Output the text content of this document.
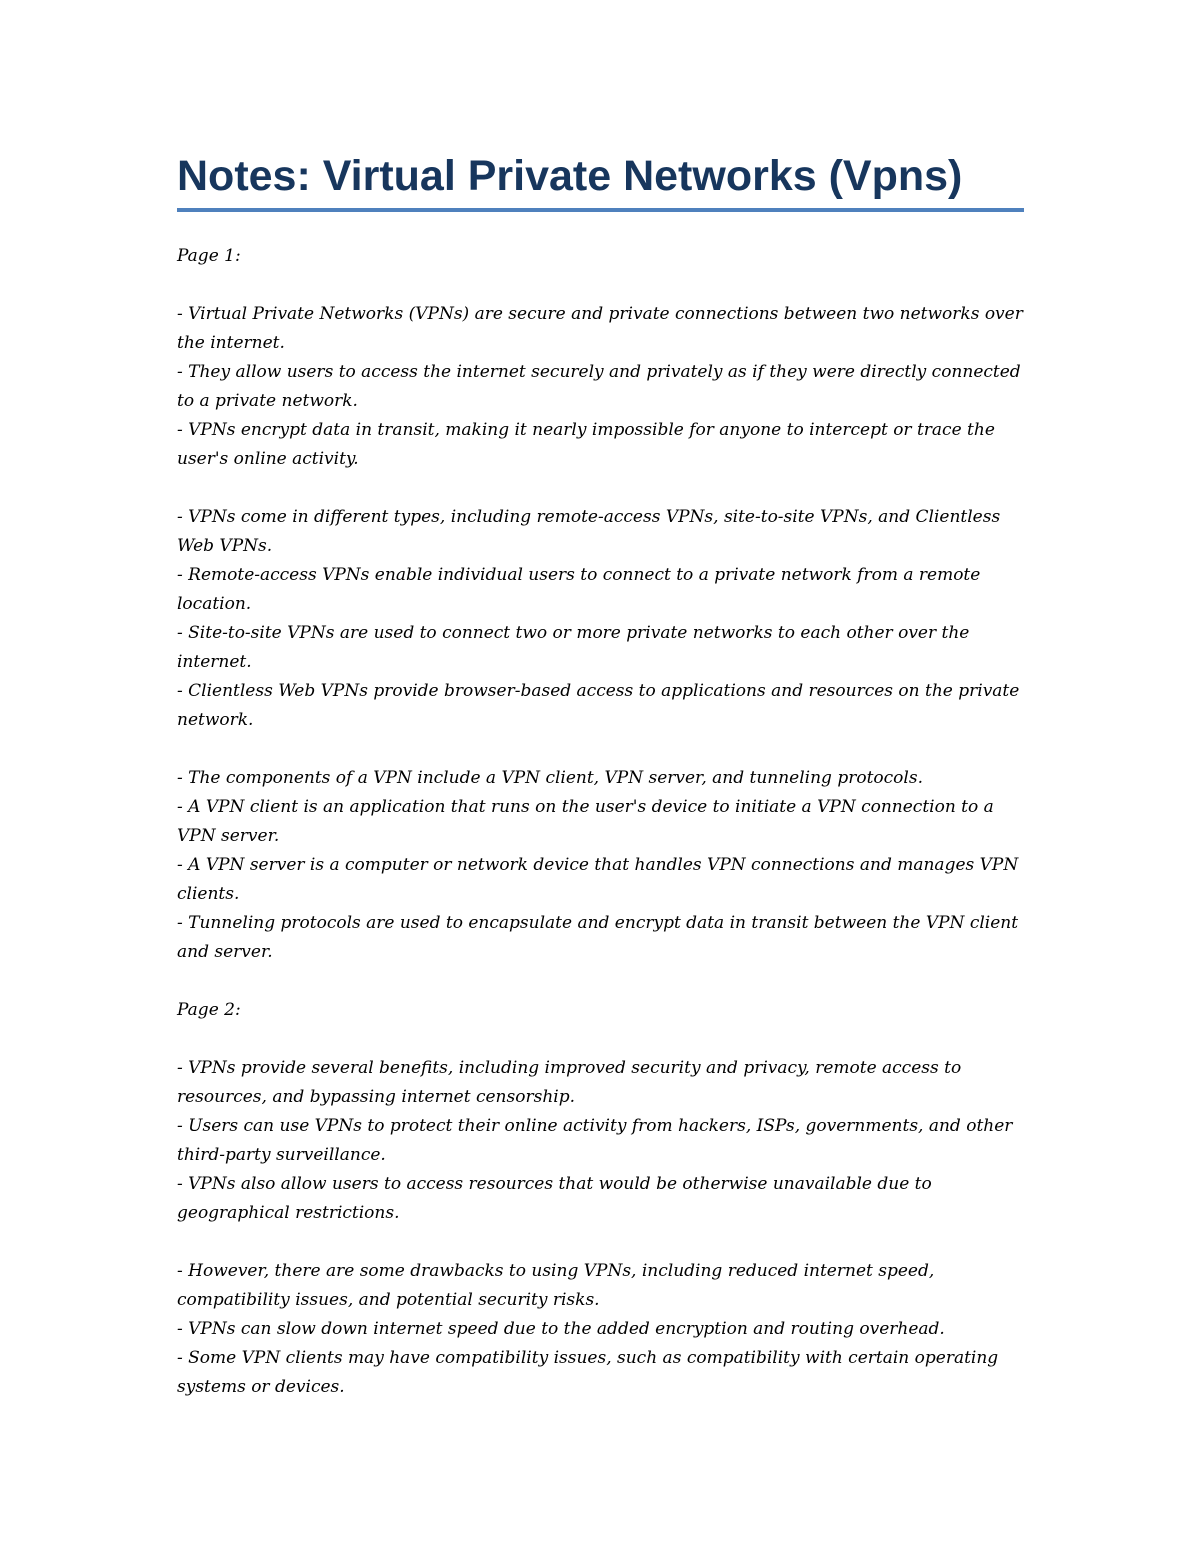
Notes: Virtual Private Networks (Vpns)

Page 1:

- Virtual Private Networks (VPNs) are secure and private connections between two networks over the internet.

- They allow users to access the internet securely and privately as if they were directly connected to a private network.

- VPNs encrypt data in transit, making it nearly impossible for anyone to intercept or trace the user's online activity.

- VPNs come in different types, including remote-access VPNs, site-to-site VPNs, and Clientless Web VPNs.

- Remote-access VPNs enable individual users to connect to a private network from a remote location.

- Site-to-site VPNs are used to connect two or more private networks to each other over the internet.

- Clientless Web VPNs provide browser-based access to applications and resources on the private network.

- The components of a VPN include a VPN client, VPN server, and tunneling protocols.

- A VPN client is an application that runs on the user's device to initiate a VPN connection to a VPN server.

- A VPN server is a computer or network device that handles VPN connections and manages VPN clients.

- Tunneling protocols are used to encapsulate and encrypt data in transit between the VPN client and server.

Page 2:

- VPNs provide several benefits, including improved security and privacy, remote access to resources, and bypassing internet censorship.

- Users can use VPNs to protect their online activity from hackers, ISPs, governments, and other third-party surveillance.

- VPNs also allow users to access resources that would be otherwise unavailable due to geographical restrictions.

- However, there are some drawbacks to using VPNs, including reduced internet speed, compatibility issues, and potential security risks.

- VPNs can slow down internet speed due to the added encryption and routing overhead.

- Some VPN clients may have compatibility issues, such as compatibility with certain operating systems or devices.
